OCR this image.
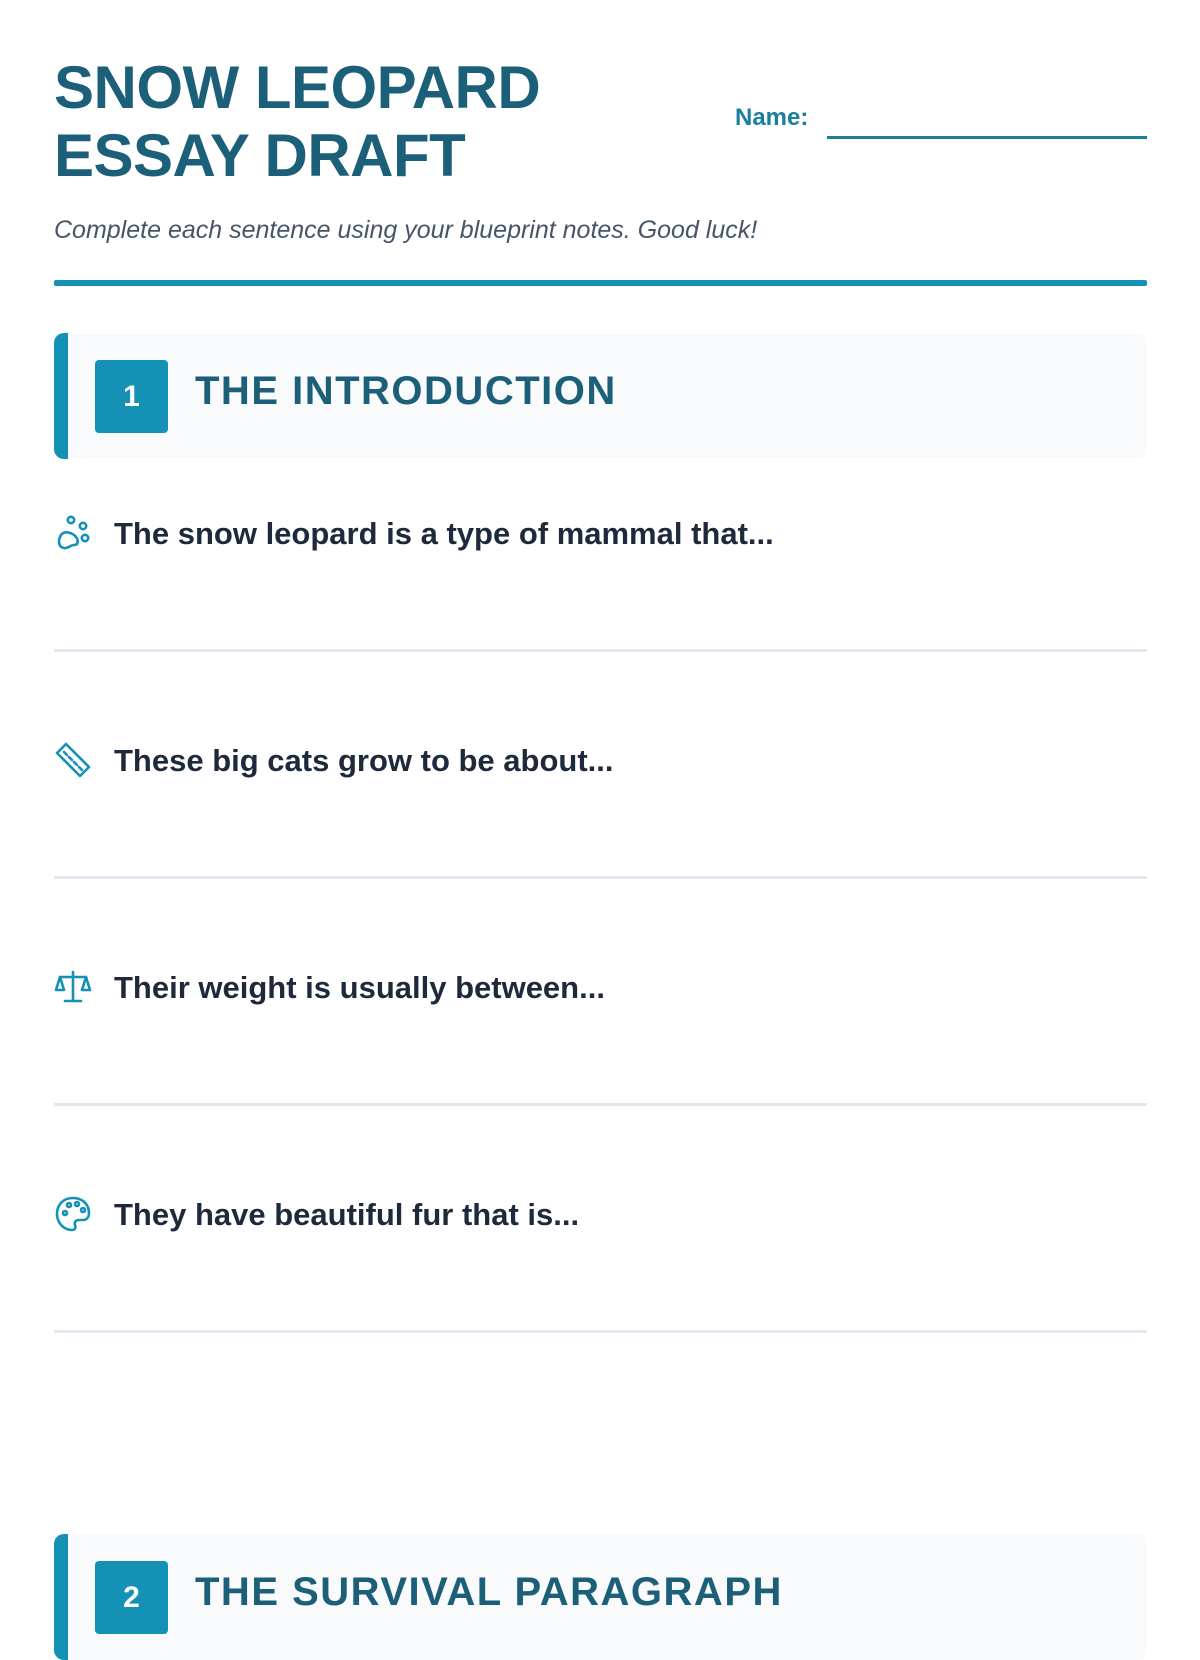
SNOW LEOPARD
ESSAY DRAFT
Name:
Complete each sentence using your blueprint notes. Good luck!
1	THE INTRODUCTION
The snow leopard is a type of mammal that...
These big cats grow to be about...
Their weight is usually between...
They have beautiful fur that is...
2	THE SURVIVAL PARAGRAPH
